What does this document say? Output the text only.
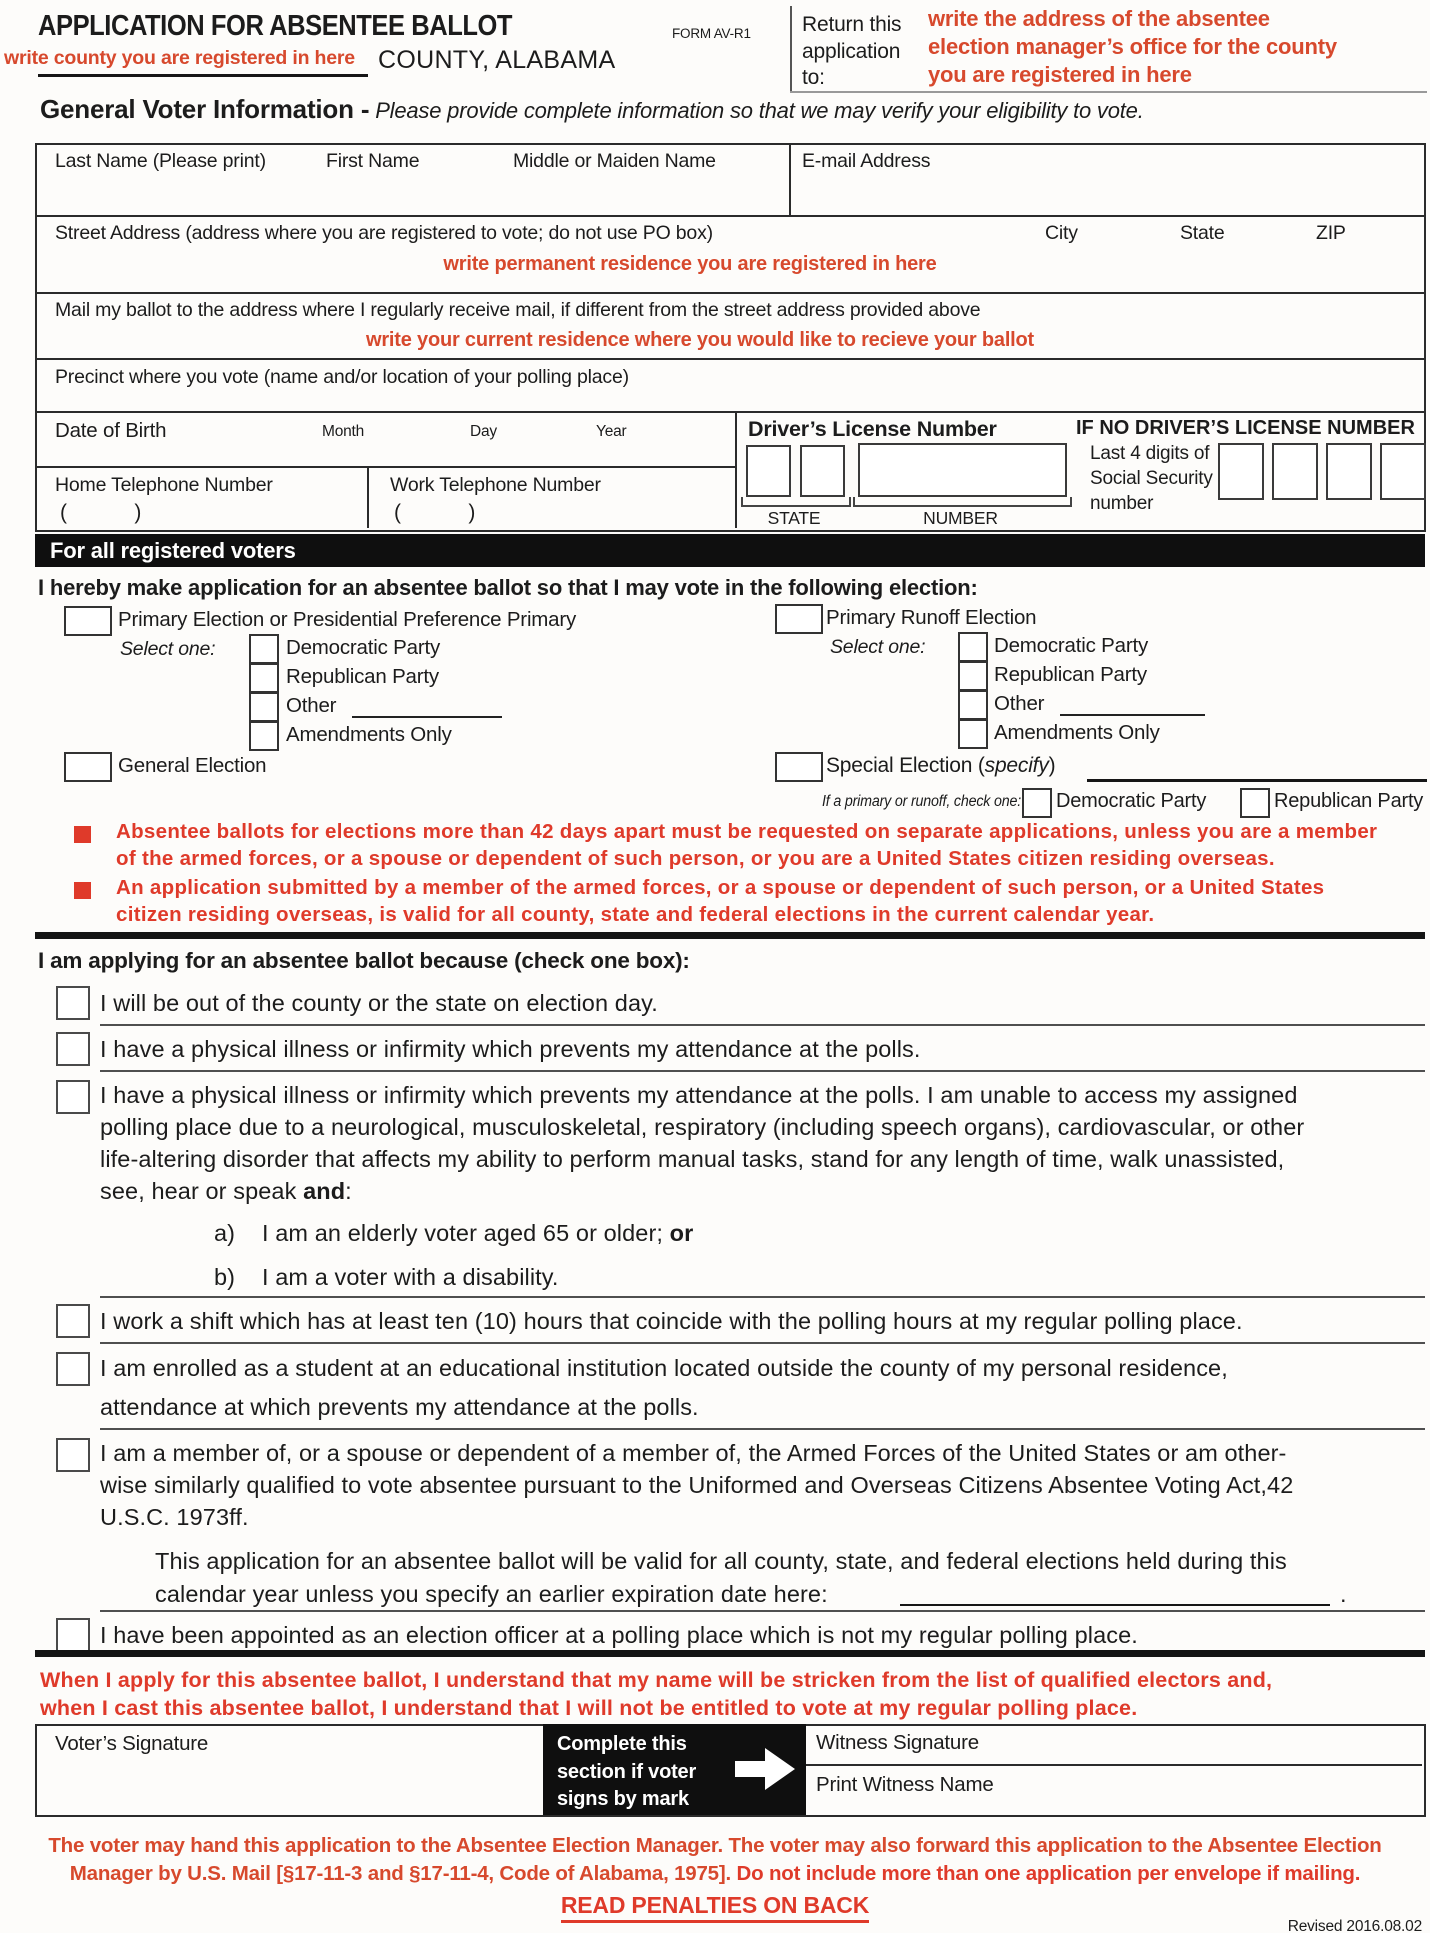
APPLICATION FOR ABSENTEE BALLOT	FORM AV-R1
write county you are registered in here COUNTY, ALABAMA
Return this application to:
write the address of the absentee
election manager’s office for the county
you are registered in here
General Voter Information - Please provide complete information so that we may verify your eligibility to vote.
Last Name (Please print)	First Name	Middle or Maiden Name	E-mail Address
Street Address (address where you are registered to vote; do not use PO box)	City	State	ZIP
write permanent residence you are registered in here
Mail my ballot to the address where I regularly receive mail, if different from the street address provided above
write your current residence where you would like to recieve your ballot
Precinct where you vote (name and/or location of your polling place)
Date of Birth	Month	Day	Year
Home Telephone Number	Work Telephone Number
(            )	(            )
Driver’s License Number
STATE	NUMBER
IF NO DRIVER’S LICENSE NUMBER
Last 4 digits of
Social Security
number
For all registered voters
I hereby make application for an absentee ballot so that I may vote in the following election:
Primary Election or Presidential Preference Primary
Select one:	Democratic Party
Republican Party
Other
Amendments Only
General Election
Primary Runoff Election
Select one:	Democratic Party
Republican Party
Other
Amendments Only
Special Election (specify)
If a primary or runoff, check one: Democratic Party	Republican Party
Absentee ballots for elections more than 42 days apart must be requested on separate applications, unless you are a member
of the armed forces, or a spouse or dependent of such person, or you are a United States citizen residing overseas.
An application submitted by a member of the armed forces, or a spouse or dependent of such person, or a United States
citizen residing overseas, is valid for all county, state and federal elections in the current calendar year.
I am applying for an absentee ballot because (check one box):
I will be out of the county or the state on election day.
I have a physical illness or infirmity which prevents my attendance at the polls.
I have a physical illness or infirmity which prevents my attendance at the polls. I am unable to access my assigned
polling place due to a neurological, musculoskeletal, respiratory (including speech organs), cardiovascular, or other
life-altering disorder that affects my ability to perform manual tasks, stand for any length of time, walk unassisted,
see, hear or speak and:
a) I am an elderly voter aged 65 or older; or
b) I am a voter with a disability.
I work a shift which has at least ten (10) hours that coincide with the polling hours at my regular polling place.
I am enrolled as a student at an educational institution located outside the county of my personal residence,
attendance at which prevents my attendance at the polls.
I am a member of, or a spouse or dependent of a member of, the Armed Forces of the United States or am other-
wise similarly qualified to vote absentee pursuant to the Uniformed and Overseas Citizens Absentee Voting Act,42
U.S.C. 1973ff.
This application for an absentee ballot will be valid for all county, state, and federal elections held during this
calendar year unless you specify an earlier expiration date here:	.
I have been appointed as an election officer at a polling place which is not my regular polling place.
When I apply for this absentee ballot, I understand that my name will be stricken from the list of qualified electors and,
when I cast this absentee ballot, I understand that I will not be entitled to vote at my regular polling place.
Voter’s Signature	Complete this
section if voter
signs by mark
Witness Signature
Print Witness Name
The voter may hand this application to the Absentee Election Manager. The voter may also forward this application to the Absentee Election
Manager by U.S. Mail [§17-11-3 and §17-11-4, Code of Alabama, 1975]. Do not include more than one application per envelope if mailing.
READ PENALTIES ON BACK
Revised 2016.08.02
